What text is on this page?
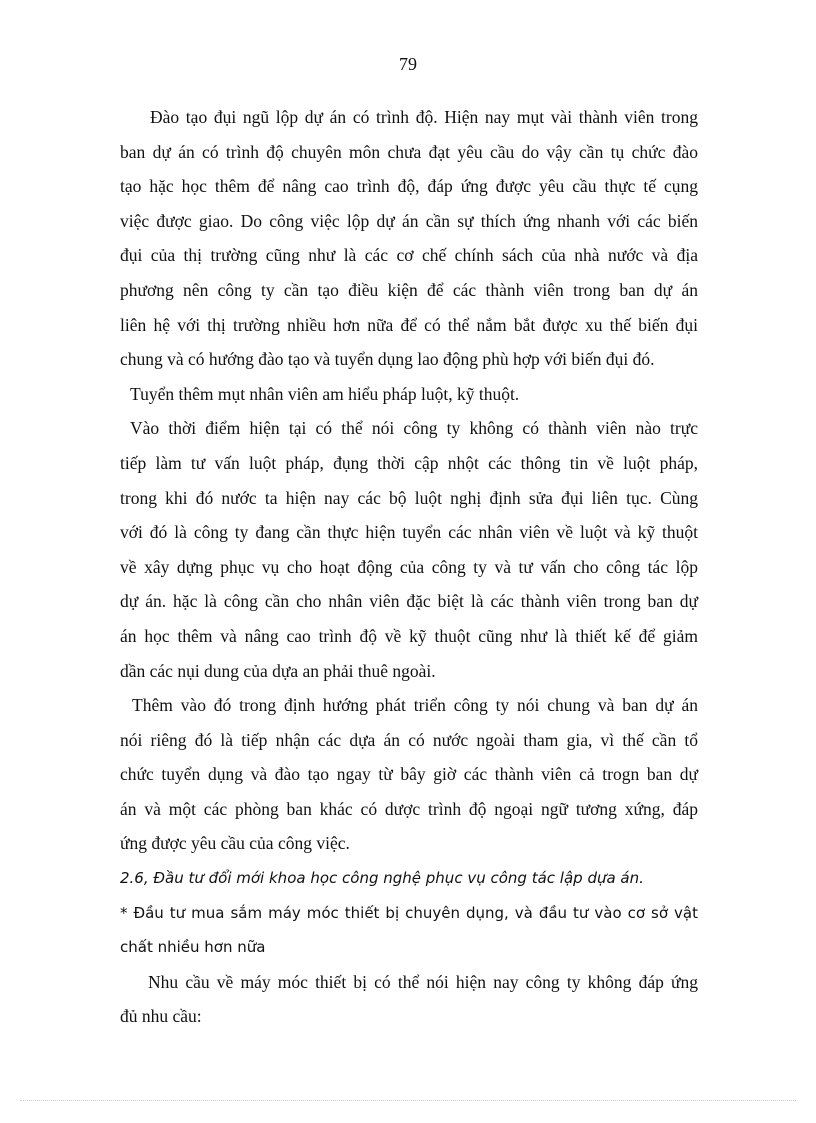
79
Đào tạo đụi ngũ lộp dự án có trình độ. Hiện nay mụt vài thành viên trong
ban dự án có trình độ chuyên môn chưa đạt yêu cầu do vậy cần tụ chức đào
tạo hặc học thêm để nâng cao trình độ, đáp ứng được yêu cầu thực tế cụng
việc được giao. Do công việc lộp dự án cần sự thích ứng nhanh với các biến
đụi của thị trường cũng như là các cơ chế chính sách của nhà nước và địa
phương nên công ty cần tạo điều kiện để các thành viên trong ban dự án
liên hệ với thị trường nhiều hơn nữa để có thể nắm bắt được xu thế biến đụi
chung và có hướng đào tạo và tuyển dụng lao động phù hợp với biến đụi đó.
Tuyển thêm mụt nhân viên am hiểu pháp luột, kỹ thuột.
Vào thời điểm hiện tại có thể nói công ty không có thành viên nào trực
tiếp làm tư vấn luột pháp, đụng thời cập nhột các thông tin về luột pháp,
trong khi đó nước ta hiện nay các bộ luột nghị định sửa đụi liên tục. Cùng
với đó là công ty đang cần thực hiện tuyển các nhân viên về luột và kỹ thuột
về xây dựng phục vụ cho hoạt động của công ty và tư vấn cho công tác lộp
dự án. hặc là công cần cho nhân viên đặc biệt là các thành viên trong ban dự
án học thêm và nâng cao trình độ về kỹ thuột cũng như là thiết kế để giảm
dần các nụi dung của dựa an phải thuê ngoài.
Thêm vào đó trong định hướng phát triển công ty nói chung và ban dự án
nói riêng đó là tiếp nhận các dựa án có nước ngoài tham gia, vì thế cần tổ
chức tuyển dụng và đào tạo ngay từ bây giờ các thành viên cả trogn ban dự
án và một các phòng ban khác có dược trình độ ngoại ngữ tương xứng, đáp
ứng được yêu cầu của công việc.
2.6, Đầu tư đổi mới khoa học công nghệ phục vụ công tác lập dựa án.
* Đầu tư mua sắm máy móc thiết bị chuyên dụng, và đầu tư vào cơ sở vật
chất nhiều hơn nữa
Nhu cầu về máy móc thiết bị có thể nói hiện nay công ty không đáp ứng
đủ nhu cầu:
